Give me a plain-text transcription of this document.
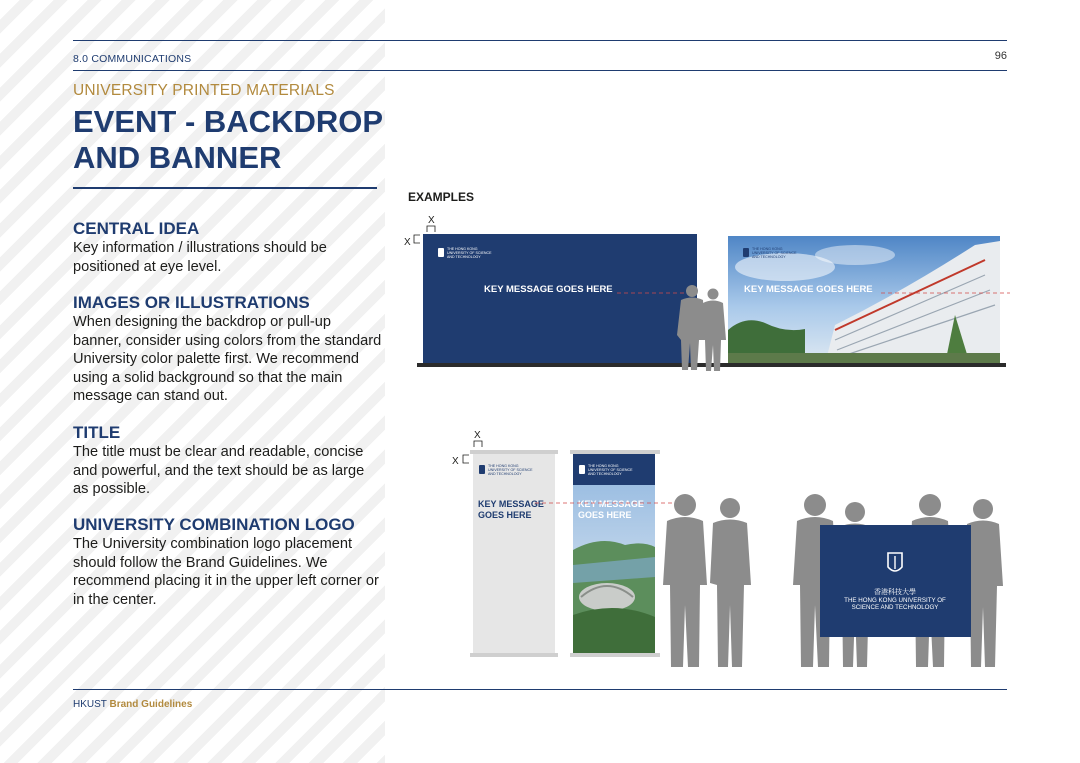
8.0 COMMUNICATIONS	96
UNIVERSITY PRINTED MATERIALS
EVENT - BACKDROP
AND BANNER
CENTRAL IDEA

Key information / illustrations should be positioned at eye level.

IMAGES OR ILLUSTRATIONS

When designing the backdrop or pull-up banner, consider using colors from the standard University color palette first. We recommend using a solid background so that the main message can stand out.

TITLE

The title must be clear and readable, concise and powerful, and the text should be as large as possible.

UNIVERSITY COMBINATION LOGO

The University combination logo placement should follow the Brand Guidelines. We recommend placing it in the upper left corner or in the center.

EXAMPLES
X
X
THE HONG KONG
UNIVERSITY OF SCIENCE
AND TECHNOLOGY
KEY MESSAGE GOES HERE
THE HONG KONG
UNIVERSITY OF SCIENCE
AND TECHNOLOGY
KEY MESSAGE GOES HERE
X
X	THE HONG KONG
UNIVERSITY OF SCIENCE
AND TECHNOLOGY
KEY MESSAGE
GOES HERE
THE HONG KONG
UNIVERSITY OF SCIENCE
AND TECHNOLOGY
KEY MESSAGE
GOES HERE
香港科技大學
THE HONG KONG UNIVERSITY OF
SCIENCE AND TECHNOLOGY
HKUST Brand Guidelines
